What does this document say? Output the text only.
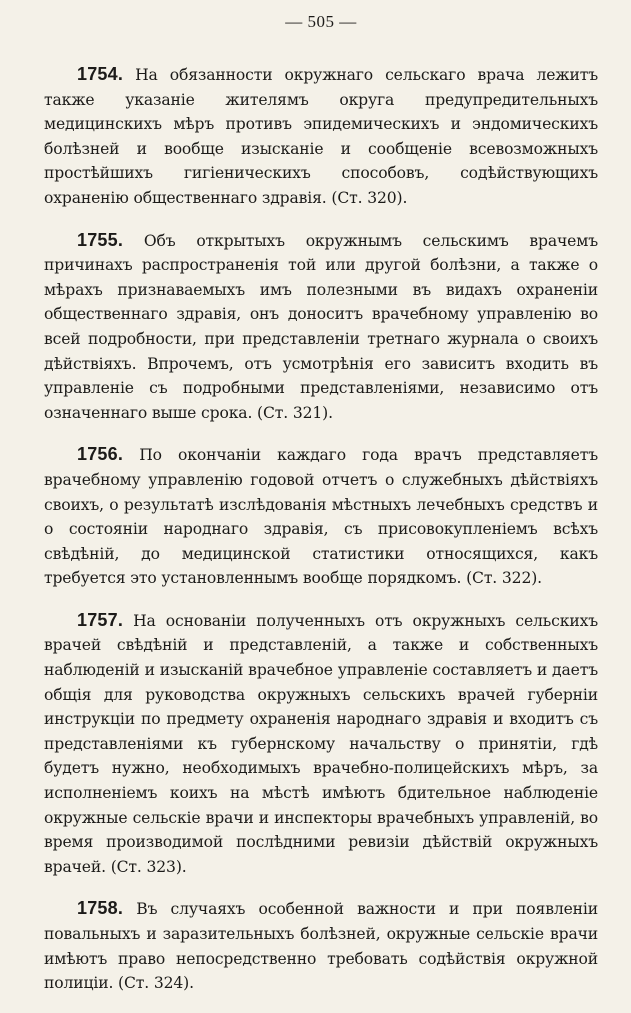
— 505 —

1754. На обязанности окружнаго сельскаго врача лежитъ также указаніе жителямъ округа предупредительныхъ медицинскихъ мѣръ противъ эпидемическихъ и эндомическихъ болѣзней и вообще изысканіе и сообщеніе всевозможныхъ простѣйшихъ гигіеническихъ способовъ, содѣйствующихъ охраненію общественнаго здравія. (Ст. 320).

1755. Объ открытыхъ окружнымъ сельскимъ врачемъ причинахъ распространенія той или другой болѣзни, а также о мѣрахъ признаваемыхъ имъ полезными въ видахъ охраненіи общественнаго здравія, онъ доноситъ врачебному управленію во всей подробности, при представленіи третнаго журнала о своихъ дѣйствіяхъ. Впрочемъ, отъ усмотрѣнія его зависитъ входить въ управленіе съ подробными представленіями, независимо отъ означеннаго выше срока. (Ст. 321).

1756. По окончаніи каждаго года врачъ представляетъ врачебному управленію годовой отчетъ о служебныхъ дѣйствіяхъ своихъ, о результатѣ изслѣдованія мѣстныхъ лечебныхъ средствъ и о состояніи народнаго здравія, съ присовокупленіемъ всѣхъ свѣдѣній, до медицинской статистики относящихся, какъ требуется это установленнымъ вообще порядкомъ. (Ст. 322).

1757. На основаніи полученныхъ отъ окружныхъ сельскихъ врачей свѣдѣній и представленій, а также и собственныхъ наблюденій и изысканій врачебное управленіе составляетъ и даетъ общія для руководства окружныхъ сельскихъ врачей губерніи инструкціи по предмету охраненія народнаго здравія и входитъ съ представленіями къ губернскому начальству о принятіи, гдѣ будетъ нужно, необходимыхъ врачебно-полицейскихъ мѣръ, за исполненіемъ коихъ на мѣстѣ имѣютъ бдительное наблюденіе окружные сельскіе врачи и инспекторы врачебныхъ управленій, во время производимой послѣдними ревизіи дѣйствій окружныхъ врачей. (Ст. 323).

1758. Въ случаяхъ особенной важности и при появленіи повальныхъ и заразительныхъ болѣзней, окружные сельскіе врачи имѣютъ право непосредственно требовать содѣйствія окружной полиціи. (Ст. 324).
